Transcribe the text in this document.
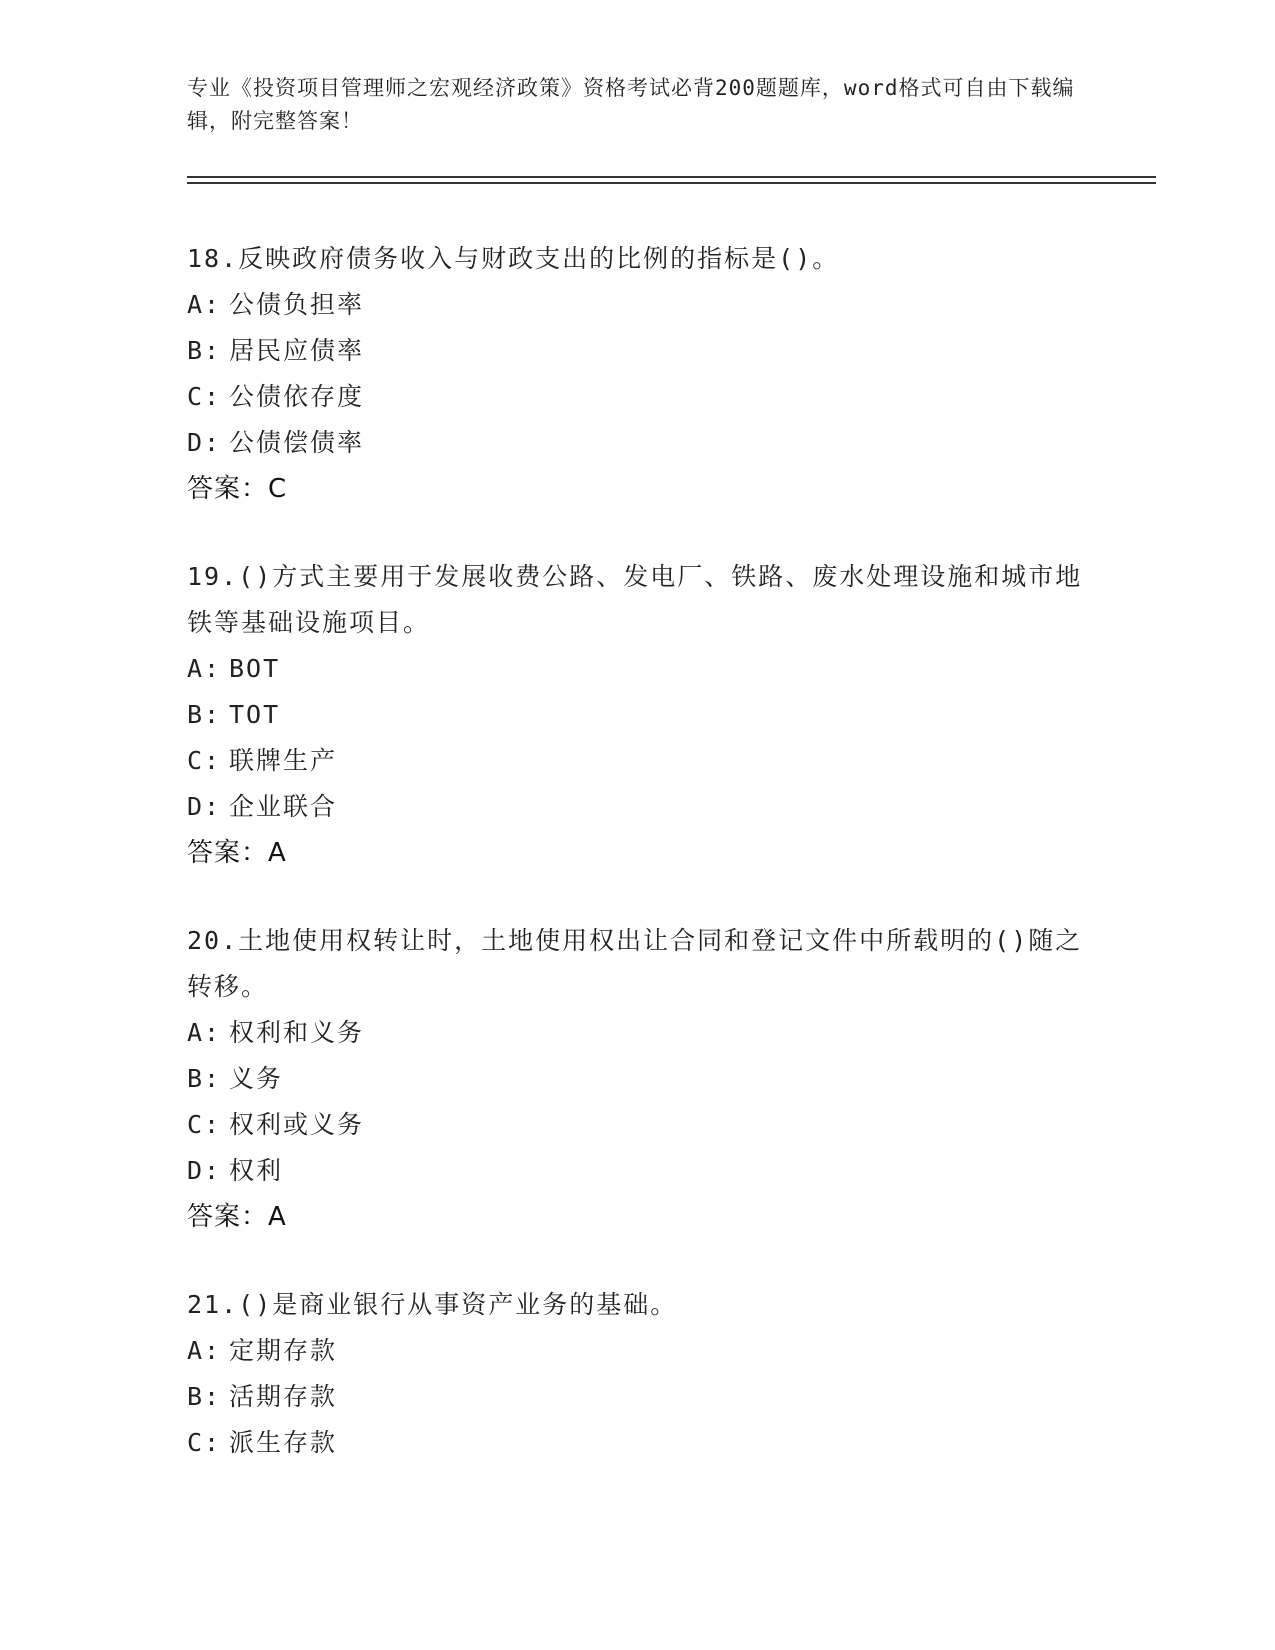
专业《投资项目管理师之宏观经济政策》资格考试必背200题题库，word格式可自由下载编辑，附完整答案！
18.反映政府债务收入与财政支出的比例的指标是()。
A: 公债负担率
B: 居民应债率
C: 公债依存度
D: 公债偿债率
答案：C
19.()方式主要用于发展收费公路、发电厂、铁路、废水处理设施和城市地铁等基础设施项目。
A: BOT
B: TOT
C: 联牌生产
D: 企业联合
答案：A
20.土地使用权转让时，土地使用权出让合同和登记文件中所载明的()随之转移。
A: 权利和义务
B: 义务
C: 权利或义务
D: 权利
答案：A
21.()是商业银行从事资产业务的基础。
A: 定期存款
B: 活期存款
C: 派生存款
